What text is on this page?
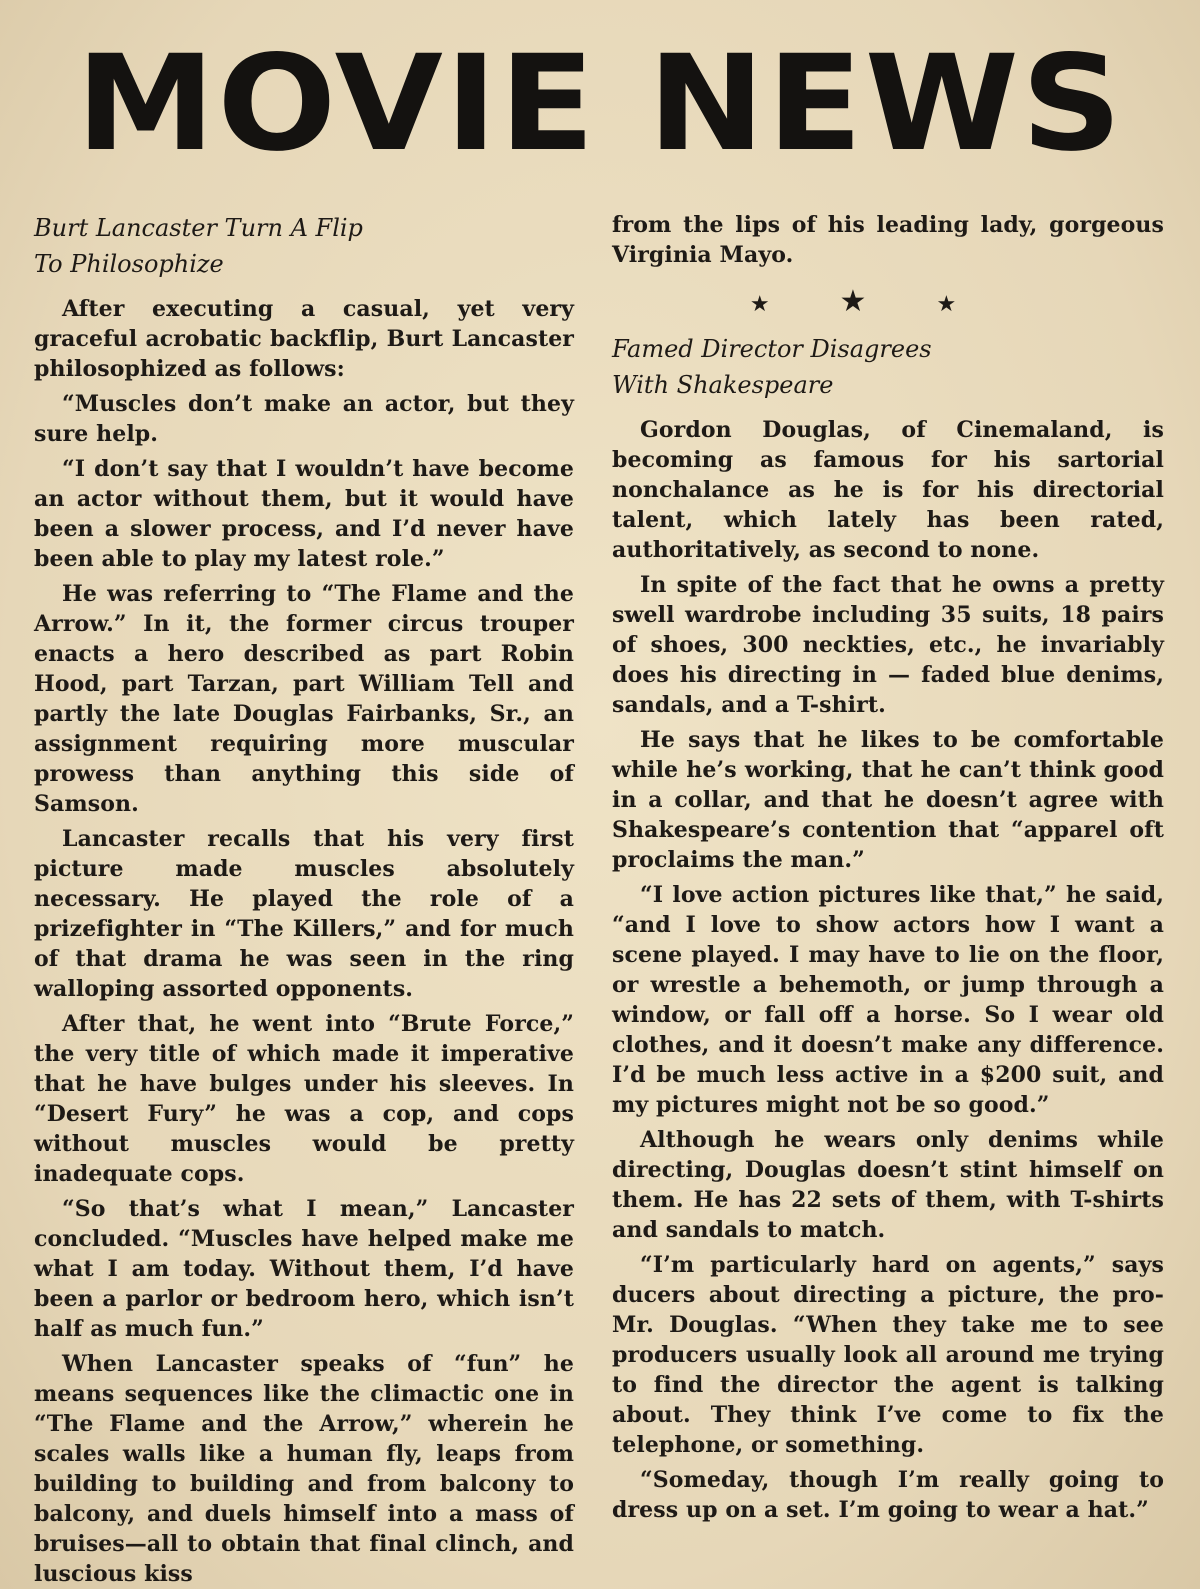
MOVIE NEWS
Burt Lancaster Turn A Flip
To Philosophize

After executing a casual, yet very graceful acrobatic backflip, Burt Lancaster philosophized as follows:

“Muscles don’t make an actor, but they sure help.

“I don’t say that I wouldn’t have become an actor without them, but it would have been a slower process, and I’d never have been able to play my latest role.”

He was referring to “The Flame and the Arrow.” In it, the former circus trouper enacts a hero described as part Robin Hood, part Tarzan, part William Tell and partly the late Douglas Fairbanks, Sr., an assignment requiring more muscular prowess than anything this side of Samson.

Lancaster recalls that his very first picture made muscles absolutely necessary. He played the role of a prizefighter in “The Killers,” and for much of that drama he was seen in the ring walloping assorted opponents.

After that, he went into “Brute Force,” the very title of which made it imperative that he have bulges under his sleeves. In “Desert Fury” he was a cop, and cops without muscles would be pretty inadequate cops.

“So that’s what I mean,” Lancaster concluded. “Muscles have helped make me what I am today. Without them, I’d have been a parlor or bedroom hero, which isn’t half as much fun.”

When Lancaster speaks of “fun” he means sequences like the climactic one in “The Flame and the Arrow,” wherein he scales walls like a human fly, leaps from building to building and from balcony to balcony, and duels himself into a mass of bruises—all to obtain that final clinch, and luscious kiss

from the lips of his leading lady, gorgeous Virginia Mayo.

★★★
Famed Director Disagrees
With Shakespeare

Gordon Douglas, of Cinemaland, is becoming as famous for his sartorial nonchalance as he is for his directorial talent, which lately has been rated, authoritatively, as second to none.

In spite of the fact that he owns a pretty swell wardrobe including 35 suits, 18 pairs of shoes, 300 neckties, etc., he invariably does his directing in — faded blue denims, sandals, and a T-shirt.

He says that he likes to be comfortable while he’s working, that he can’t think good in a collar, and that he doesn’t agree with Shakespeare’s contention that “apparel oft proclaims the man.”

“I love action pictures like that,” he said, “and I love to show actors how I want a scene played. I may have to lie on the floor, or wrestle a behemoth, or jump through a window, or fall off a horse. So I wear old clothes, and it doesn’t make any difference. I’d be much less active in a $200 suit, and my pictures might not be so good.”

Although he wears only denims while directing, Douglas doesn’t stint himself on them. He has 22 sets of them, with T-shirts and sandals to match.

“I’m particularly hard on agents,” says ducers about directing a picture, the pro- Mr. Douglas. “When they take me to see producers usually look all around me trying to find the director the agent is talking about. They think I’ve come to fix the telephone, or something.

“Someday, though I’m really going to dress up on a set. I’m going to wear a hat.”
